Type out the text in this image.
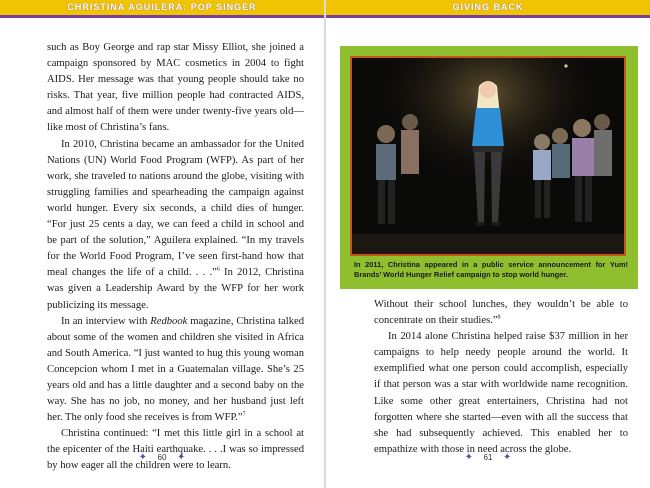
CHRISTINA AGUILERA: POP SINGER

such as Boy George and rap star Missy Elliot, she joined a campaign sponsored by MAC cosmetics in 2004 to fight AIDS. Her message was that young people should take no risks. That year, five million people had contracted AIDS, and almost half of them were under twenty-five years old—like most of Christina’s fans.

In 2010, Christina became an ambassador for the United Nations (UN) World Food Program (WFP). As part of her work, she traveled to nations around the globe, visiting with struggling families and spearheading the campaign against world hunger. Every six seconds, a child dies of hunger. “For just 25 cents a day, we can feed a child in school and be part of the solution,” Aguilera explained. “In my travels for the World Food Program, I’ve seen first-hand how that meal changes the life of a child. . . .”$^6$ In 2012, Christina was given a Leadership Award by the WFP for her work publicizing its message.

In an interview with Redbook magazine, Christina talked about some of the women and children she visited in Africa and South America. “I just wanted to hug this young woman Concepcion whom I met in a Guatemalan village. She’s 25 years old and has a little daughter and a second baby on the way. She has no job, no money, and her husband just left her. The only food she receives is from WFP.”$^7$

Christina continued: “I met this little girl in a school at the epicenter of the Haiti earthquake. . . .I was so impressed by how eager all the children were to learn.

✦ 60 ✦
GIVING BACK
In 2011, Christina appeared in a public service announcement for Yum! Brands’ World Hunger Relief campaign to stop world hunger.

Without their school lunches, they wouldn’t be able to concentrate on their studies.”$^8$

In 2014 alone Christina helped raise $37 million in her campaigns to help needy people around the world. It exemplified what one person could accomplish, especially if that person was a star with worldwide name recognition. Like some other great entertainers, Christina had not forgotten where she started—even with all the success that she had subsequently achieved. This enabled her to empathize with those in need across the globe.

✦ 61 ✦
